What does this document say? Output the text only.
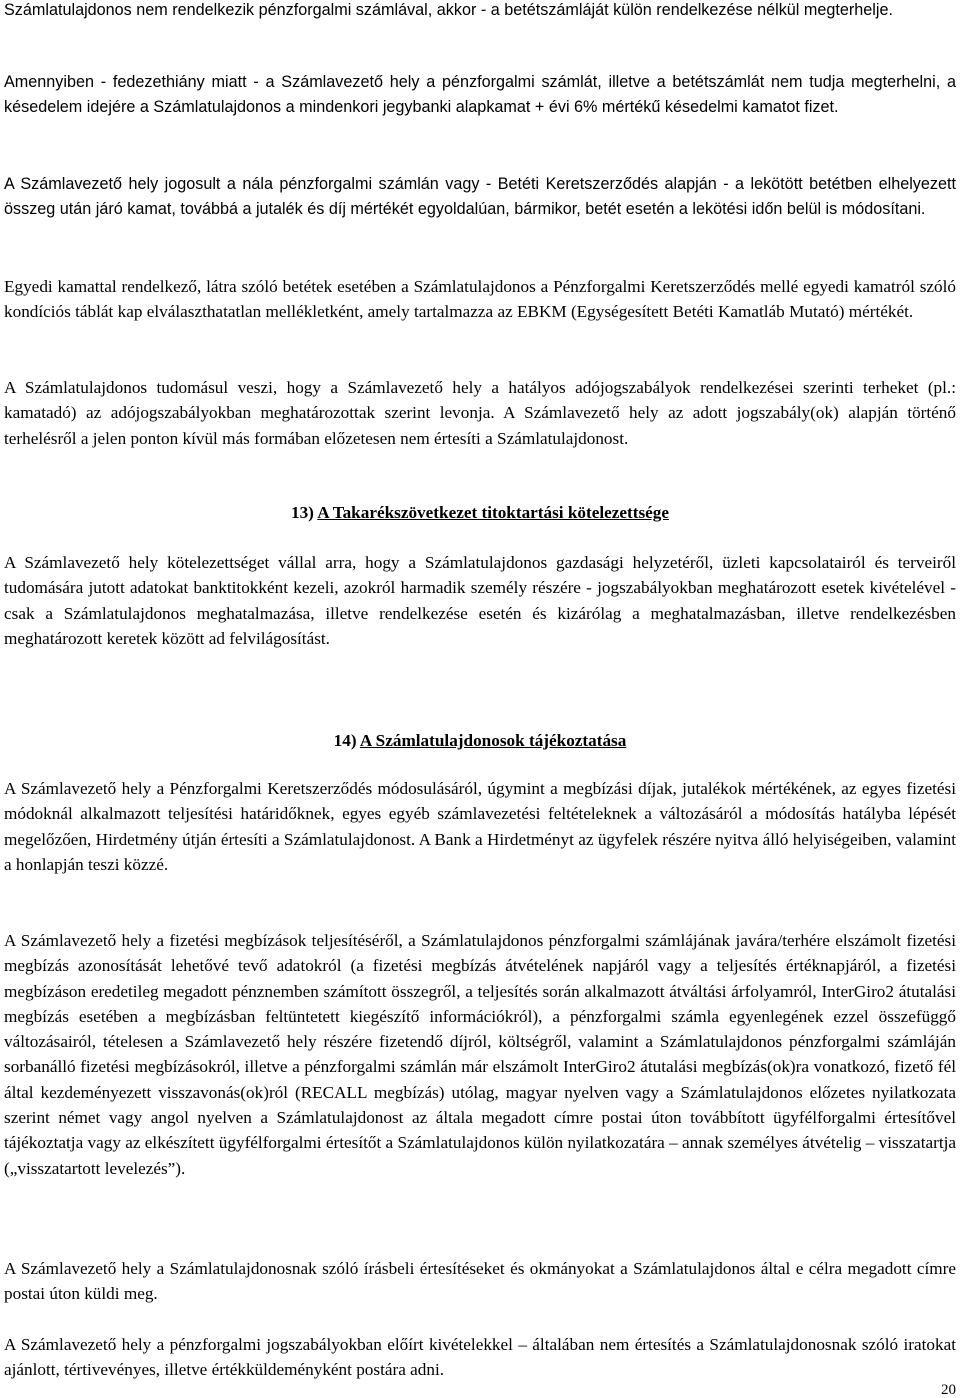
Számlatulajdonos nem rendelkezik pénzforgalmi számlával, akkor - a betétszámláját külön rendelkezése nélkül megterhelje.

Amennyiben - fedezethiány miatt - a Számlavezető hely a pénzforgalmi számlát, illetve a betétszámlát nem tudja megterhelni, a késedelem idejére a Számlatulajdonos a mindenkori jegybanki alapkamat + évi 6% mértékű késedelmi kamatot fizet.

A Számlavezető hely jogosult a nála pénzforgalmi számlán vagy - Betéti Keretszerződés alapján - a lekötött betétben elhelyezett összeg után járó kamat, továbbá a jutalék és díj mértékét egyoldalúan, bármikor, betét esetén a lekötési időn belül is módosítani.

Egyedi kamattal rendelkező, látra szóló betétek esetében a Számlatulajdonos a Pénzforgalmi Keretszerződés mellé egyedi kamatról szóló kondíciós táblát kap elválaszthatatlan mellékletként, amely tartalmazza az EBKM (Egységesített Betéti Kamatláb Mutató) mértékét.

A Számlatulajdonos tudomásul veszi, hogy a Számlavezető hely a hatályos adójogszabályok rendelkezései szerinti terheket (pl.: kamatadó) az adójogszabályokban meghatározottak szerint levonja. A Számlavezető hely az adott jogszabály(ok) alapján történő terhelésről a jelen ponton kívül más formában előzetesen nem értesíti a Számlatulajdonost.

13) A Takarékszövetkezet titoktartási kötelezettsége

A Számlavezető hely kötelezettséget vállal arra, hogy a Számlatulajdonos gazdasági helyzetéről, üzleti kapcsolatairól és terveiről tudomására jutott adatokat banktitokként kezeli, azokról harmadik személy részére - jogszabályokban meghatározott esetek kivételével - csak a Számlatulajdonos meghatalmazása, illetve rendelkezése esetén és kizárólag a meghatalmazásban, illetve rendelkezésben meghatározott keretek között ad felvilágosítást.

14) A Számlatulajdonosok tájékoztatása

A Számlavezető hely a Pénzforgalmi Keretszerződés módosulásáról, úgymint a megbízási díjak, jutalékok mértékének, az egyes fizetési módoknál alkalmazott teljesítési határidőknek, egyes egyéb számlavezetési feltételeknek a változásáról a módosítás hatályba lépését megelőzően, Hirdetmény útján értesíti a Számlatulajdonost. A Bank a Hirdetményt az ügyfelek részére nyitva álló helyiségeiben, valamint a honlapján teszi közzé.

A Számlavezető hely a fizetési megbízások teljesítéséről, a Számlatulajdonos pénzforgalmi számlájának javára/terhére elszámolt fizetési megbízás azonosítását lehetővé tevő adatokról (a fizetési megbízás átvételének napjáról vagy a teljesítés értéknapjáról, a fizetési megbízáson eredetileg megadott pénznemben számított összegről, a teljesítés során alkalmazott átváltási árfolyamról, InterGiro2 átutalási megbízás esetében a megbízásban feltüntetett kiegészítő információkról), a pénzforgalmi számla egyenlegének ezzel összefüggő változásairól, tételesen a Számlavezető hely részére fizetendő díjról, költségről, valamint a Számlatulajdonos pénzforgalmi számláján sorbanálló fizetési megbízásokról, illetve a pénzforgalmi számlán már elszámolt InterGiro2 átutalási megbízás(ok)ra vonatkozó, fizető fél által kezdeményezett visszavonás(ok)ról (RECALL megbízás) utólag, magyar nyelven vagy a Számlatulajdonos előzetes nyilatkozata szerint német vagy angol nyelven a Számlatulajdonost az általa megadott címre postai úton továbbított ügyfélforgalmi értesítővel tájékoztatja vagy az elkészített ügyfélforgalmi értesítőt a Számlatulajdonos külön nyilatkozatára – annak személyes átvételig – visszatartja („visszatartott levelezés”).

A Számlavezető hely a Számlatulajdonosnak szóló írásbeli értesítéseket és okmányokat a Számlatulajdonos által e célra megadott címre postai úton küldi meg.

A Számlavezető hely a pénzforgalmi jogszabályokban előírt kivételekkel – általában nem értesítés a Számlatulajdonosnak szóló iratokat ajánlott, tértivevényes, illetve értékküldeményként postára adni.

20
